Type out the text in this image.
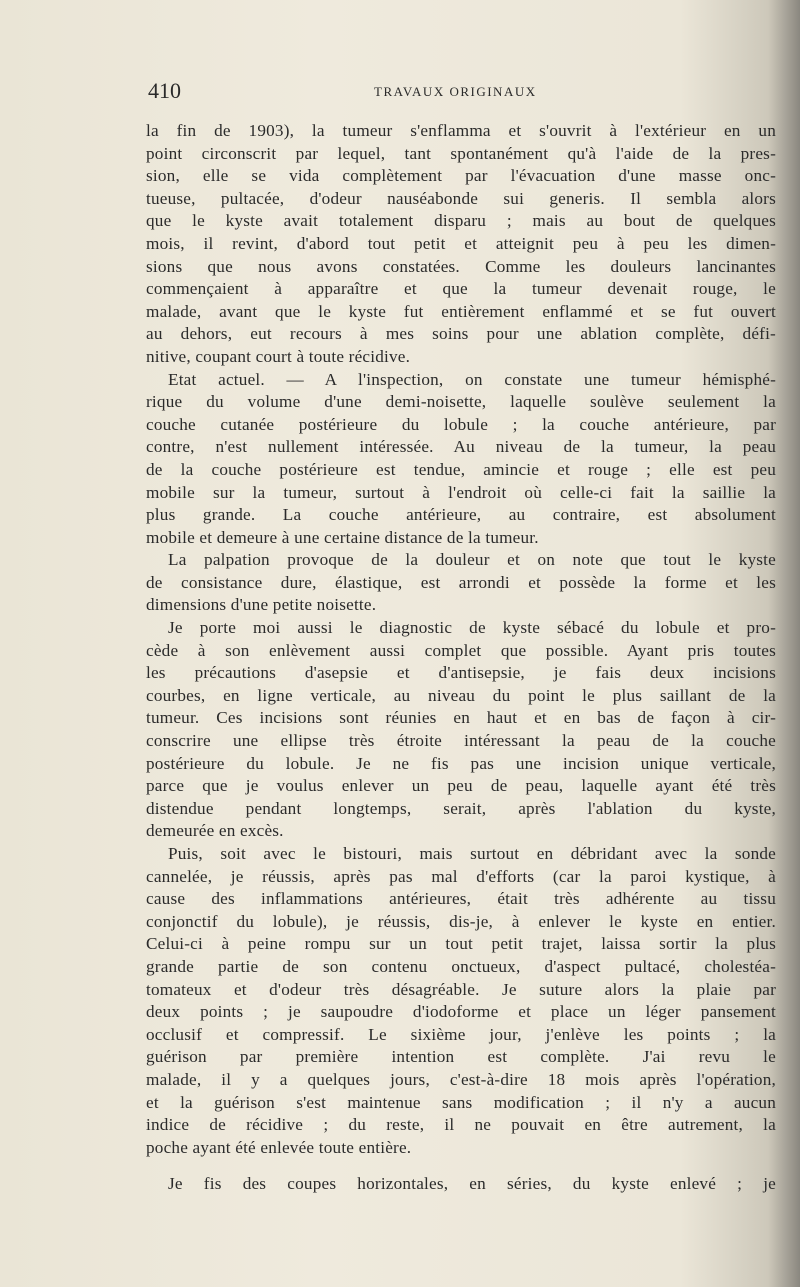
410	TRAVAUX ORIGINAUX
la fin de 1903), la tumeur s'enflamma et s'ouvrit à l'extérieur en un
point circonscrit par lequel, tant spontanément qu'à l'aide de la pres-
sion, elle se vida complètement par l'évacuation d'une masse onc-
tueuse, pultacée, d'odeur nauséabonde sui generis. Il sembla alors
que le kyste avait totalement disparu ; mais au bout de quelques
mois, il revint, d'abord tout petit et atteignit peu à peu les dimen-
sions que nous avons constatées. Comme les douleurs lancinantes
commençaient à apparaître et que la tumeur devenait rouge, le
malade, avant que le kyste fut entièrement enflammé et se fut ouvert
au dehors, eut recours à mes soins pour une ablation complète, défi-
nitive, coupant court à toute récidive.
Etat actuel. — A l'inspection, on constate une tumeur hémisphé-
rique du volume d'une demi-noisette, laquelle soulève seulement la
couche cutanée postérieure du lobule ; la couche antérieure, par
contre, n'est nullement intéressée. Au niveau de la tumeur, la peau
de la couche postérieure est tendue, amincie et rouge ; elle est peu
mobile sur la tumeur, surtout à l'endroit où celle-ci fait la saillie la
plus grande. La couche antérieure, au contraire, est absolument
mobile et demeure à une certaine distance de la tumeur.
La palpation provoque de la douleur et on note que tout le kyste
de consistance dure, élastique, est arrondi et possède la forme et les
dimensions d'une petite noisette.
Je porte moi aussi le diagnostic de kyste sébacé du lobule et pro-
cède à son enlèvement aussi complet que possible. Ayant pris toutes
les précautions d'asepsie et d'antisepsie, je fais deux incisions
courbes, en ligne verticale, au niveau du point le plus saillant de la
tumeur. Ces incisions sont réunies en haut et en bas de façon à cir-
conscrire une ellipse très étroite intéressant la peau de la couche
postérieure du lobule. Je ne fis pas une incision unique verticale,
parce que je voulus enlever un peu de peau, laquelle ayant été très
distendue pendant longtemps, serait, après l'ablation du kyste,
demeurée en excès.
Puis, soit avec le bistouri, mais surtout en débridant avec la sonde
cannelée, je réussis, après pas mal d'efforts (car la paroi kystique, à
cause des inflammations antérieures, était très adhérente au tissu
conjonctif du lobule), je réussis, dis-je, à enlever le kyste en entier.
Celui-ci à peine rompu sur un tout petit trajet, laissa sortir la plus
grande partie de son contenu onctueux, d'aspect pultacé, cholestéa-
tomateux et d'odeur très désagréable. Je suture alors la plaie par
deux points ; je saupoudre d'iodoforme et place un léger pansement
occlusif et compressif. Le sixième jour, j'enlève les points ; la
guérison par première intention est complète. J'ai revu le
malade, il y a quelques jours, c'est-à-dire 18 mois après l'opération,
et la guérison s'est maintenue sans modification ; il n'y a aucun
indice de récidive ; du reste, il ne pouvait en être autrement, la
poche ayant été enlevée toute entière.
Je fis des coupes horizontales, en séries, du kyste enlevé ; je
